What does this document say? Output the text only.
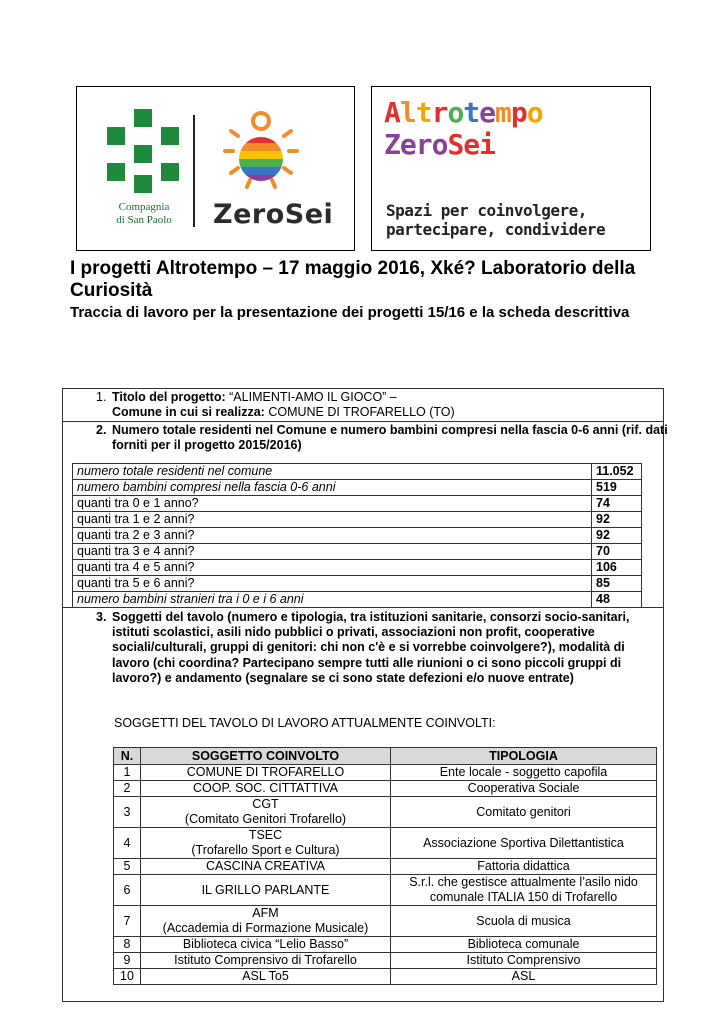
Compagnia
di San Paolo	ZeroSei
Altrotempo
ZeroSei
Spazi per coinvolgere,
partecipare, condividere
I progetti Altrotempo – 17 maggio 2016, Xké? Laboratorio della Curiosità
Traccia di lavoro per la presentazione dei progetti 15/16 e la scheda descrittiva
1. Titolo del progetto: “ALIMENTI-AMO IL GIOCO” –
Comune in cui si realizza: COMUNE DI TROFARELLO (TO)
2. Numero totale residenti nel Comune e numero bambini compresi nella fascia 0-6 anni (rif. dati forniti per il progetto 2015/2016)
numero totale residenti nel comune	11.052
numero bambini compresi nella fascia 0-6 anni	519
quanti tra 0 e 1 anno?	74
quanti tra 1 e 2 anni?	92
quanti tra 2 e 3 anni?	92
quanti tra 3 e 4 anni?	70
quanti tra 4 e 5 anni?	106
quanti tra 5 e 6 anni?	85
numero bambini stranieri tra i 0 e i 6 anni	48
3. Soggetti del tavolo (numero e tipologia, tra istituzioni sanitarie, consorzi socio-sanitari, istituti scolastici, asili nido pubblici o privati, associazioni non profit, cooperative sociali/culturali, gruppi di genitori: chi non c'è e si vorrebbe coinvolgere?), modalità di lavoro (chi coordina? Partecipano sempre tutti alle riunioni o ci sono piccoli gruppi di lavoro?) e andamento (segnalare se ci sono state defezioni e/o nuove entrate)
SOGGETTI DEL TAVOLO DI LAVORO ATTUALMENTE COINVOLTI:
N.	SOGGETTO COINVOLTO	TIPOLOGIA
1	COMUNE DI TROFARELLO	Ente locale - soggetto capofila

2	COOP. SOC. CITTATTIVA	Cooperativa Sociale

3	CGT
(Comitato Genitori Trofarello)	Comitato genitori

4	TSEC
(Trofarello Sport e Cultura)	Associazione Sportiva Dilettantistica

5	CASCINA CREATIVA	Fattoria didattica

6	IL GRILLO PARLANTE	S.r.l. che gestisce attualmente l’asilo nido
comunale ITALIA 150 di Trofarello

7	AFM
(Accademia di Formazione Musicale)	Scuola di musica

8	Biblioteca civica “Lelio Basso”	Biblioteca comunale

9	Istituto Comprensivo di Trofarello	Istituto Comprensivo

10	ASL To5	ASL
